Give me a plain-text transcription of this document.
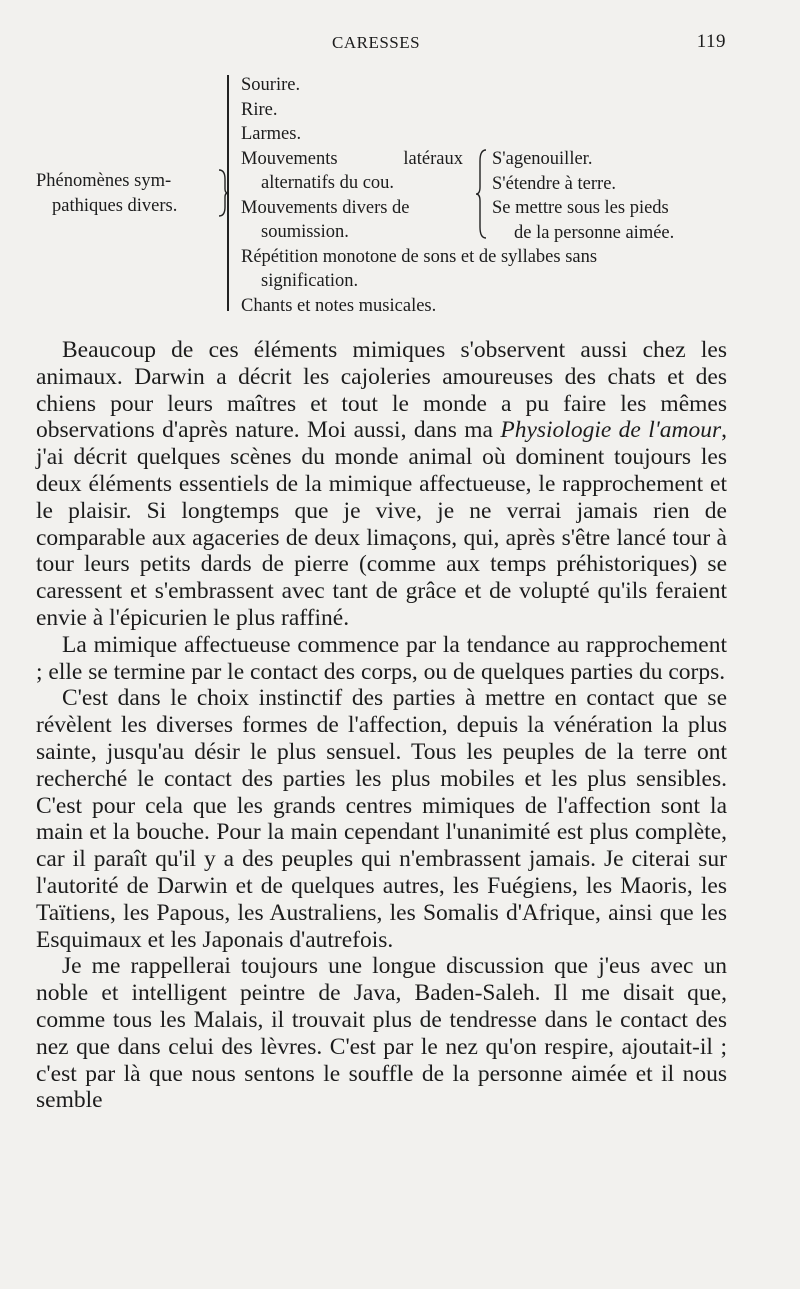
CARESSES	119
Phénomènes sym-
pathiques divers.
Sourire.
Rire.
Larmes.
Mouvements	latéraux
alternatifs du cou.
Mouvements divers de
soumission.
Répétition monotone de sons et de syllabes sans
signification.
Chants et notes musicales.
S'agenouiller.
S'étendre à terre.
Se mettre sous les pieds
de la personne aimée.

Beaucoup de ces éléments mimiques s'observent aussi chez les animaux. Darwin a décrit les cajoleries amoureuses des chats et des chiens pour leurs maîtres et tout le monde a pu faire les mêmes observations d'après nature. Moi aussi, dans ma Physiologie de l'amour, j'ai décrit quelques scènes du monde animal où dominent toujours les deux éléments essentiels de la mimique affectueuse, le rapprochement et le plaisir. Si longtemps que je vive, je ne verrai jamais rien de comparable aux agaceries de deux limaçons, qui, après s'être lancé tour à tour leurs petits dards de pierre (comme aux temps préhistoriques) se caressent et s'embrassent avec tant de grâce et de volupté qu'ils feraient envie à l'épicurien le plus raffiné.

La mimique affectueuse commence par la tendance au rapprochement ; elle se termine par le contact des corps, ou de quelques parties du corps.

C'est dans le choix instinctif des parties à mettre en contact que se révèlent les diverses formes de l'affection, depuis la vénération la plus sainte, jusqu'au désir le plus sensuel. Tous les peuples de la terre ont recherché le contact des parties les plus mobiles et les plus sensibles. C'est pour cela que les grands centres mimiques de l'affection sont la main et la bouche. Pour la main cependant l'unanimité est plus complète, car il paraît qu'il y a des peuples qui n'embrassent jamais. Je citerai sur l'autorité de Darwin et de quelques autres, les Fuégiens, les Maoris, les Taïtiens, les Papous, les Australiens, les Somalis d'Afrique, ainsi que les Esquimaux et les Japonais d'autrefois.

Je me rappellerai toujours une longue discussion que j'eus avec un noble et intelligent peintre de Java, Baden-Saleh. Il me disait que, comme tous les Malais, il trouvait plus de tendresse dans le contact des nez que dans celui des lèvres. C'est par le nez qu'on respire, ajoutait-il ; c'est par là que nous sentons le souffle de la personne aimée et il nous semble
